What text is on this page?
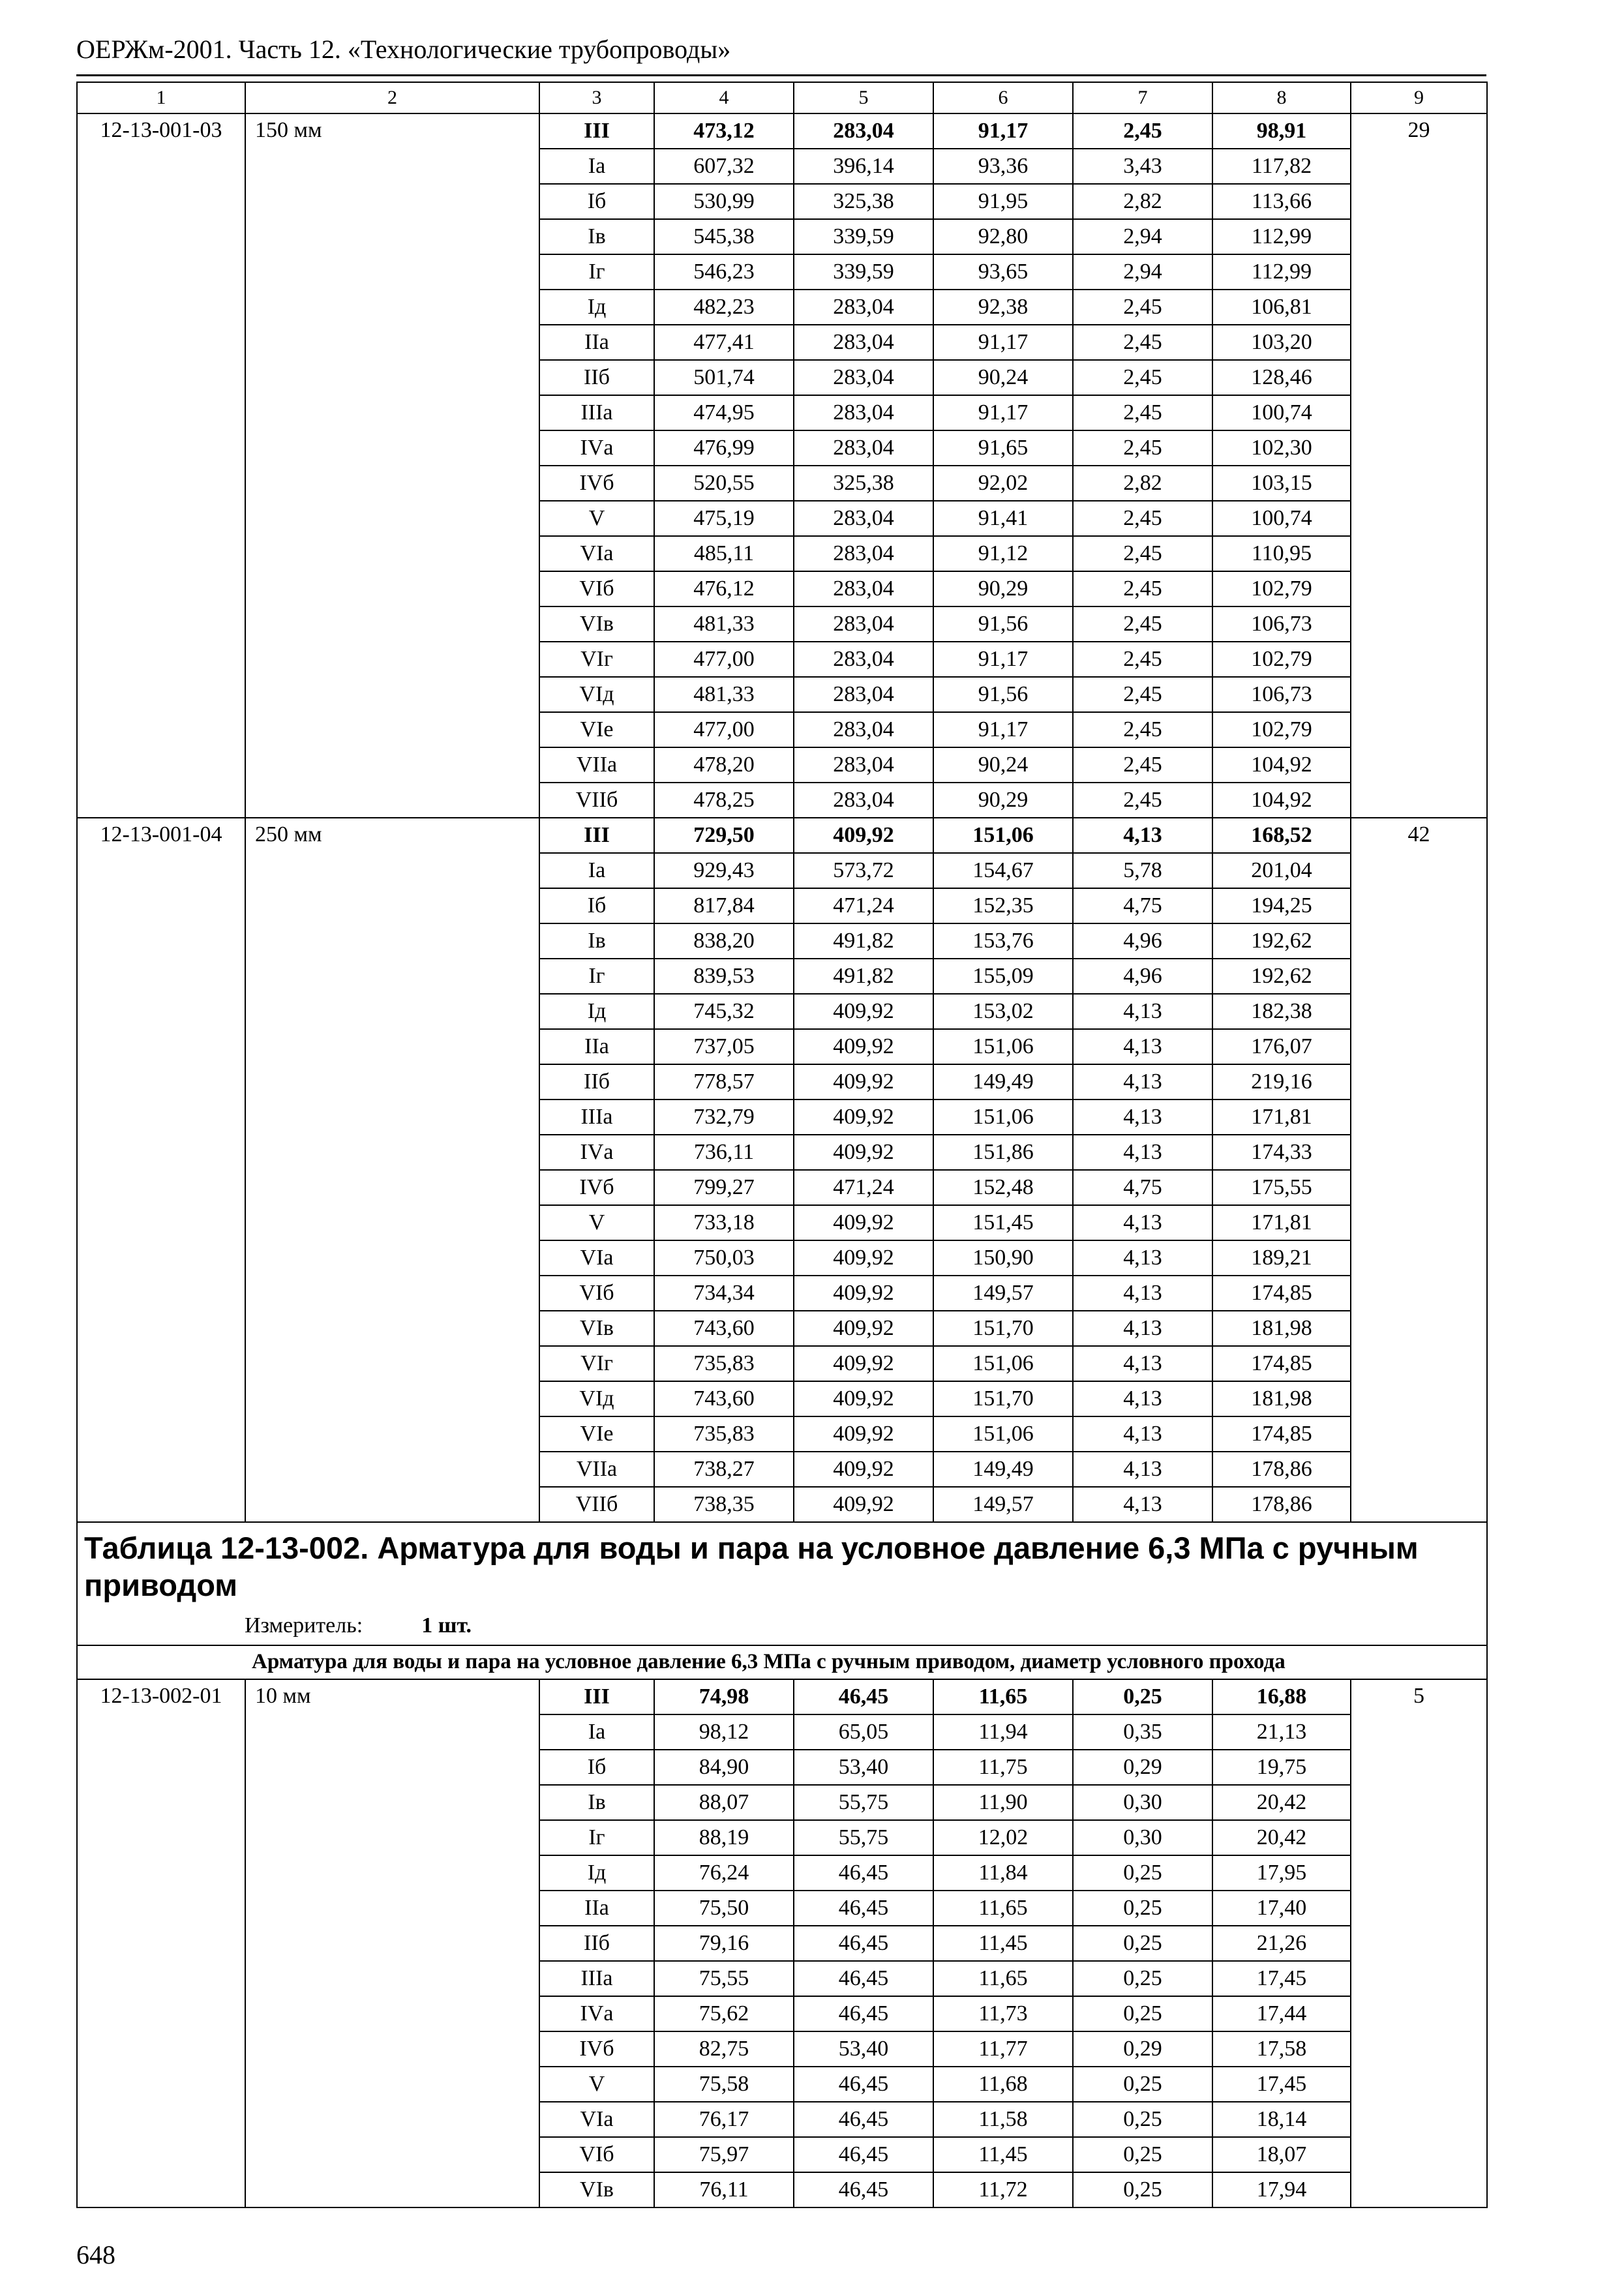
ОЕРЖм-2001. Часть 12. «Технологические трубопроводы»
1	2	3	4	5	6	7	8	9
12-13-001-03	150 мм	III	473,12	283,04	91,17	2,45	98,91	29
		Iа	607,32	396,14	93,36	3,43	117,82	
		Iб	530,99	325,38	91,95	2,82	113,66	
		Iв	545,38	339,59	92,80	2,94	112,99	
		Iг	546,23	339,59	93,65	2,94	112,99	
		Iд	482,23	283,04	92,38	2,45	106,81	
		IIа	477,41	283,04	91,17	2,45	103,20	
		IIб	501,74	283,04	90,24	2,45	128,46	
		IIIа	474,95	283,04	91,17	2,45	100,74	
		IVа	476,99	283,04	91,65	2,45	102,30	
		IVб	520,55	325,38	92,02	2,82	103,15	
		V	475,19	283,04	91,41	2,45	100,74	
		VIа	485,11	283,04	91,12	2,45	110,95	
		VIб	476,12	283,04	90,29	2,45	102,79	
		VIв	481,33	283,04	91,56	2,45	106,73	
		VIг	477,00	283,04	91,17	2,45	102,79	
		VIд	481,33	283,04	91,56	2,45	106,73	
		VIе	477,00	283,04	91,17	2,45	102,79	
		VIIа	478,20	283,04	90,24	2,45	104,92	
		VIIб	478,25	283,04	90,29	2,45	104,92	
12-13-001-04	250 мм	III	729,50	409,92	151,06	4,13	168,52	42
		Iа	929,43	573,72	154,67	5,78	201,04	
		Iб	817,84	471,24	152,35	4,75	194,25	
		Iв	838,20	491,82	153,76	4,96	192,62	
		Iг	839,53	491,82	155,09	4,96	192,62	
		Iд	745,32	409,92	153,02	4,13	182,38	
		IIа	737,05	409,92	151,06	4,13	176,07	
		IIб	778,57	409,92	149,49	4,13	219,16	
		IIIа	732,79	409,92	151,06	4,13	171,81	
		IVа	736,11	409,92	151,86	4,13	174,33	
		IVб	799,27	471,24	152,48	4,75	175,55	
		V	733,18	409,92	151,45	4,13	171,81	
		VIа	750,03	409,92	150,90	4,13	189,21	
		VIб	734,34	409,92	149,57	4,13	174,85	
		VIв	743,60	409,92	151,70	4,13	181,98	
		VIг	735,83	409,92	151,06	4,13	174,85	
		VIд	743,60	409,92	151,70	4,13	181,98	
		VIе	735,83	409,92	151,06	4,13	174,85	
		VIIа	738,27	409,92	149,49	4,13	178,86	
		VIIб	738,35	409,92	149,57	4,13	178,86	

Таблица 12-13-002. Арматура для воды и пара на условное давление 6,3 МПа с ручным приводом								

Измеритель: 1 шт.								
Арматура для воды и пара на условное давление 6,3 МПа с ручным приводом, диаметр условного прохода								
12-13-002-01	10 мм	III	74,98	46,45	11,65	0,25	16,88	5
		Iа	98,12	65,05	11,94	0,35	21,13	
		Iб	84,90	53,40	11,75	0,29	19,75	
		Iв	88,07	55,75	11,90	0,30	20,42	
		Iг	88,19	55,75	12,02	0,30	20,42	
		Iд	76,24	46,45	11,84	0,25	17,95	
		IIа	75,50	46,45	11,65	0,25	17,40	
		IIб	79,16	46,45	11,45	0,25	21,26	
		IIIа	75,55	46,45	11,65	0,25	17,45	
		IVа	75,62	46,45	11,73	0,25	17,44	
		IVб	82,75	53,40	11,77	0,29	17,58	
		V	75,58	46,45	11,68	0,25	17,45	
		VIа	76,17	46,45	11,58	0,25	18,14	
		VIб	75,97	46,45	11,45	0,25	18,07	
		VIв	76,11	46,45	11,72	0,25	17,94	
648
